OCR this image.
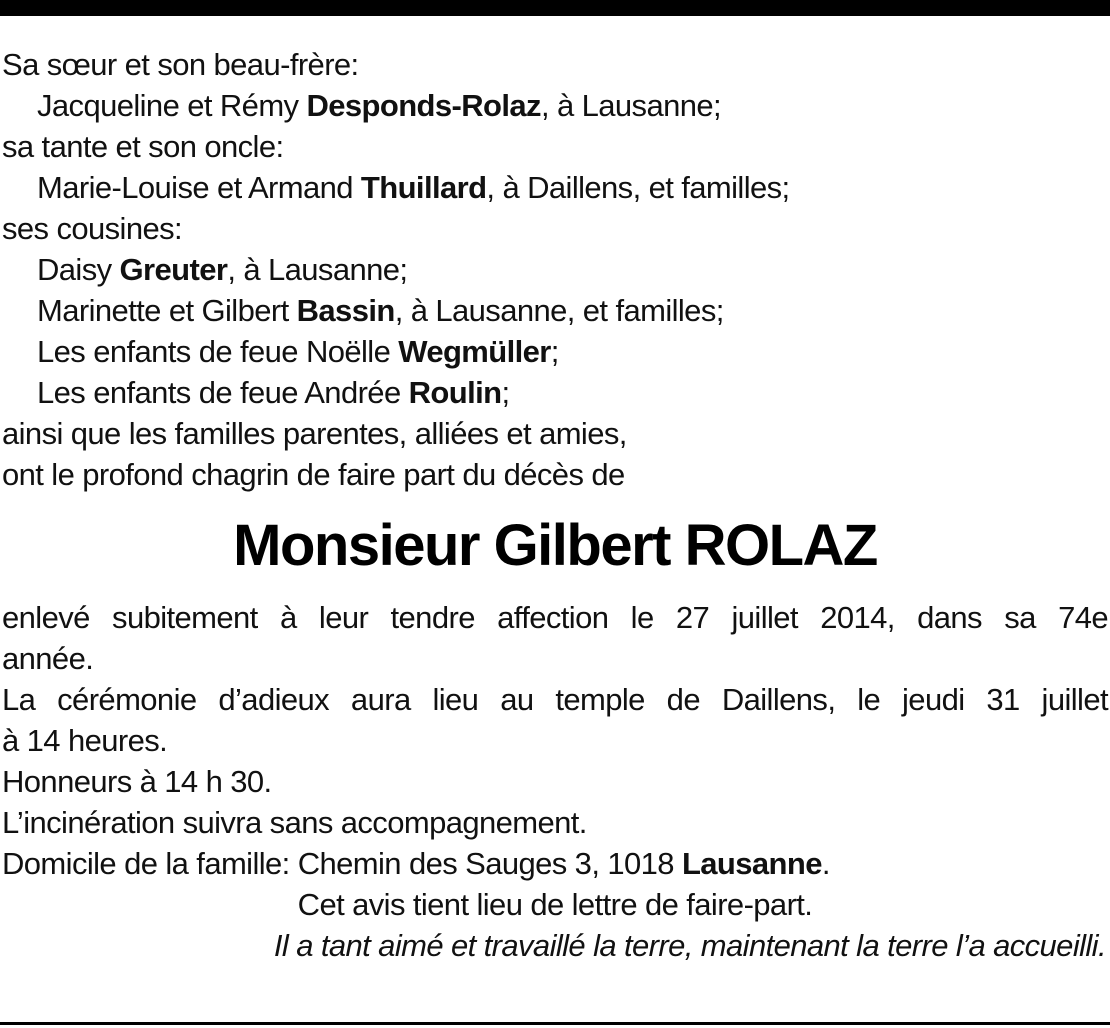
Sa sœur et son beau-frère:
Jacqueline et Rémy Desponds-Rolaz, à Lausanne;
sa tante et son oncle:
Marie-Louise et Armand Thuillard, à Daillens, et familles;
ses cousines:
Daisy Greuter, à Lausanne;
Marinette et Gilbert Bassin, à Lausanne, et familles;
Les enfants de feue Noëlle Wegmüller;
Les enfants de feue Andrée Roulin;
ainsi que les familles parentes, alliées et amies,
ont le profond chagrin de faire part du décès de
Monsieur Gilbert ROLAZ
enlevé subitement à leur tendre affection le 27 juillet 2014, dans sa 74e
année.
La cérémonie d’adieux aura lieu au temple de Daillens, le jeudi 31 juillet
à 14 heures.
Honneurs à 14 h 30.
L’incinération suivra sans accompagnement.
Domicile de la famille: Chemin des Sauges 3, 1018 Lausanne.
Cet avis tient lieu de lettre de faire-part.
Il a tant aimé et travaillé la terre, maintenant la terre l’a accueilli.
